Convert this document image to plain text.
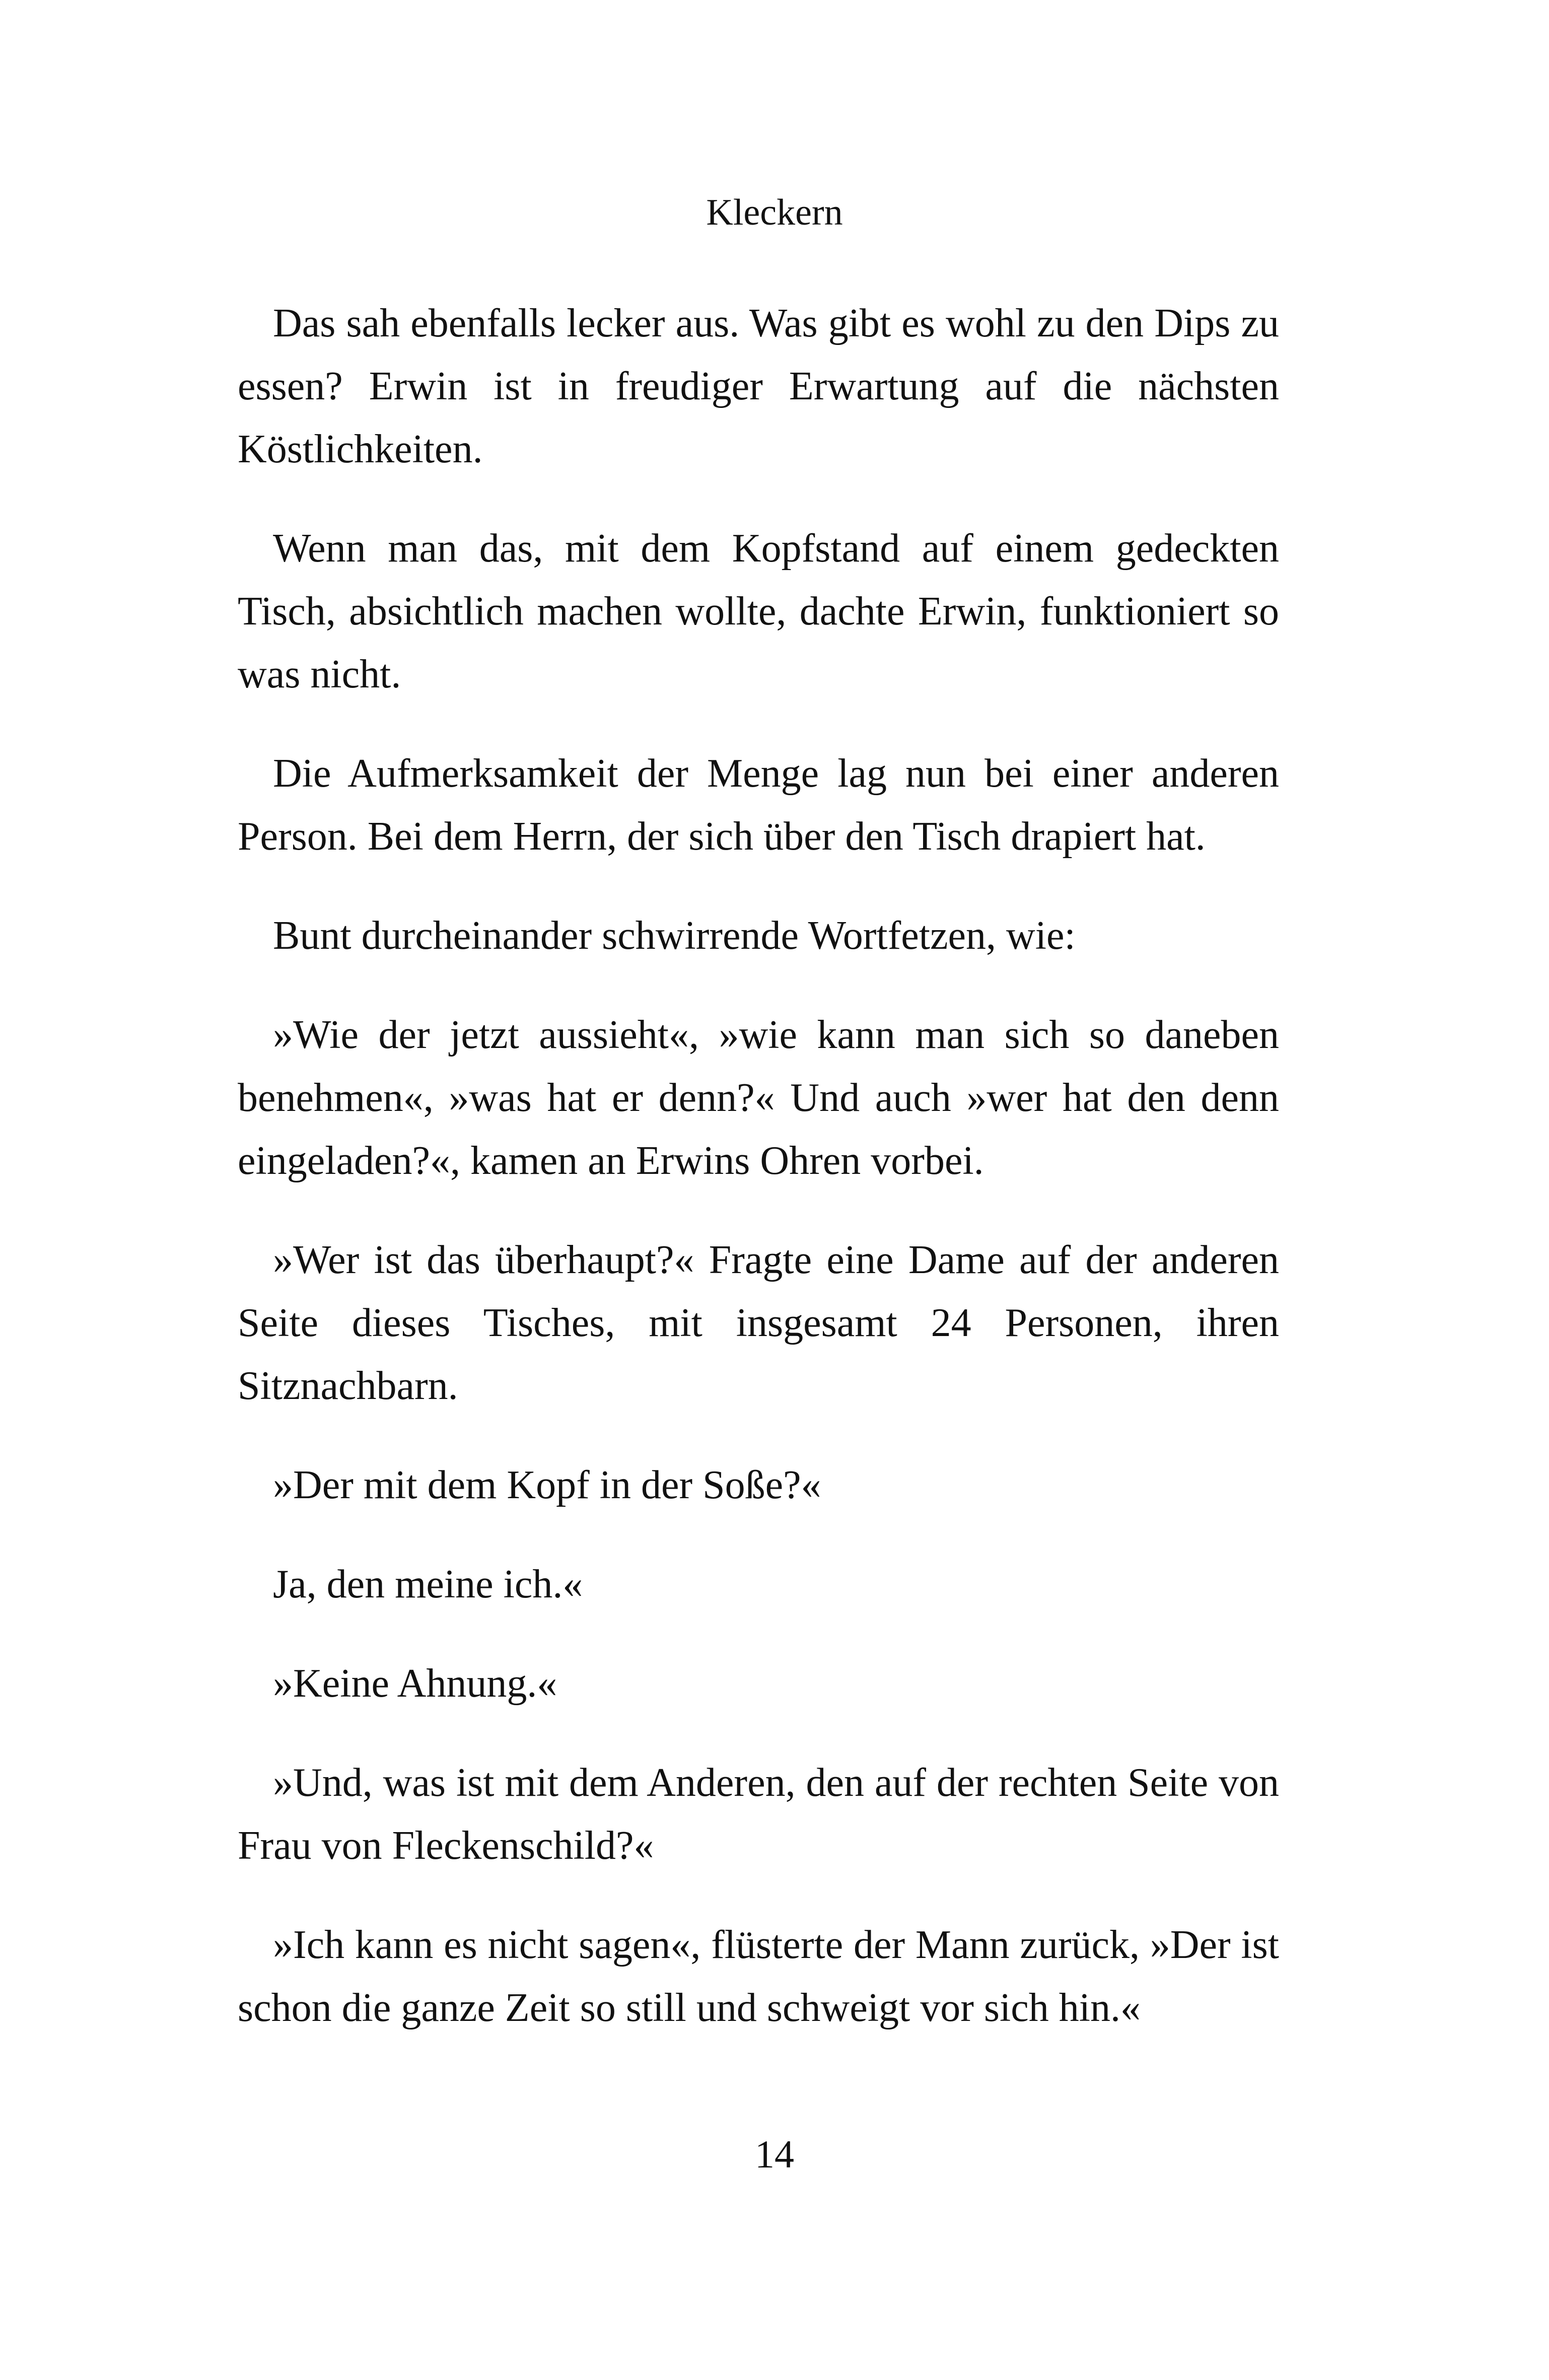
Kleckern

Das sah ebenfalls lecker aus. Was gibt es wohl zu den Dips zu essen? Erwin ist in freudiger Erwartung auf die nächsten Köstlichkeiten.

Wenn man das, mit dem Kopfstand auf einem gedeckten Tisch, absichtlich machen wollte, dachte Erwin, funktioniert so was nicht.

Die Aufmerksamkeit der Menge lag nun bei einer anderen Person. Bei dem Herrn, der sich über den Tisch drapiert hat.

Bunt durcheinander schwirrende Wortfetzen, wie:

»Wie der jetzt aussieht«, »wie kann man sich so daneben benehmen«, »was hat er denn?« Und auch »wer hat den denn eingeladen?«, kamen an Erwins Ohren vorbei.

»Wer ist das überhaupt?« Fragte eine Dame auf der anderen Seite dieses Tisches, mit insgesamt 24 Personen, ihren Sitznachbarn.

»Der mit dem Kopf in der Soße?«

Ja, den meine ich.«

»Keine Ahnung.«

»Und, was ist mit dem Anderen, den auf der rechten Seite von Frau von Fleckenschild?«

»Ich kann es nicht sagen«, flüsterte der Mann zurück, »Der ist schon die ganze Zeit so still und schweigt vor sich hin.«

14
